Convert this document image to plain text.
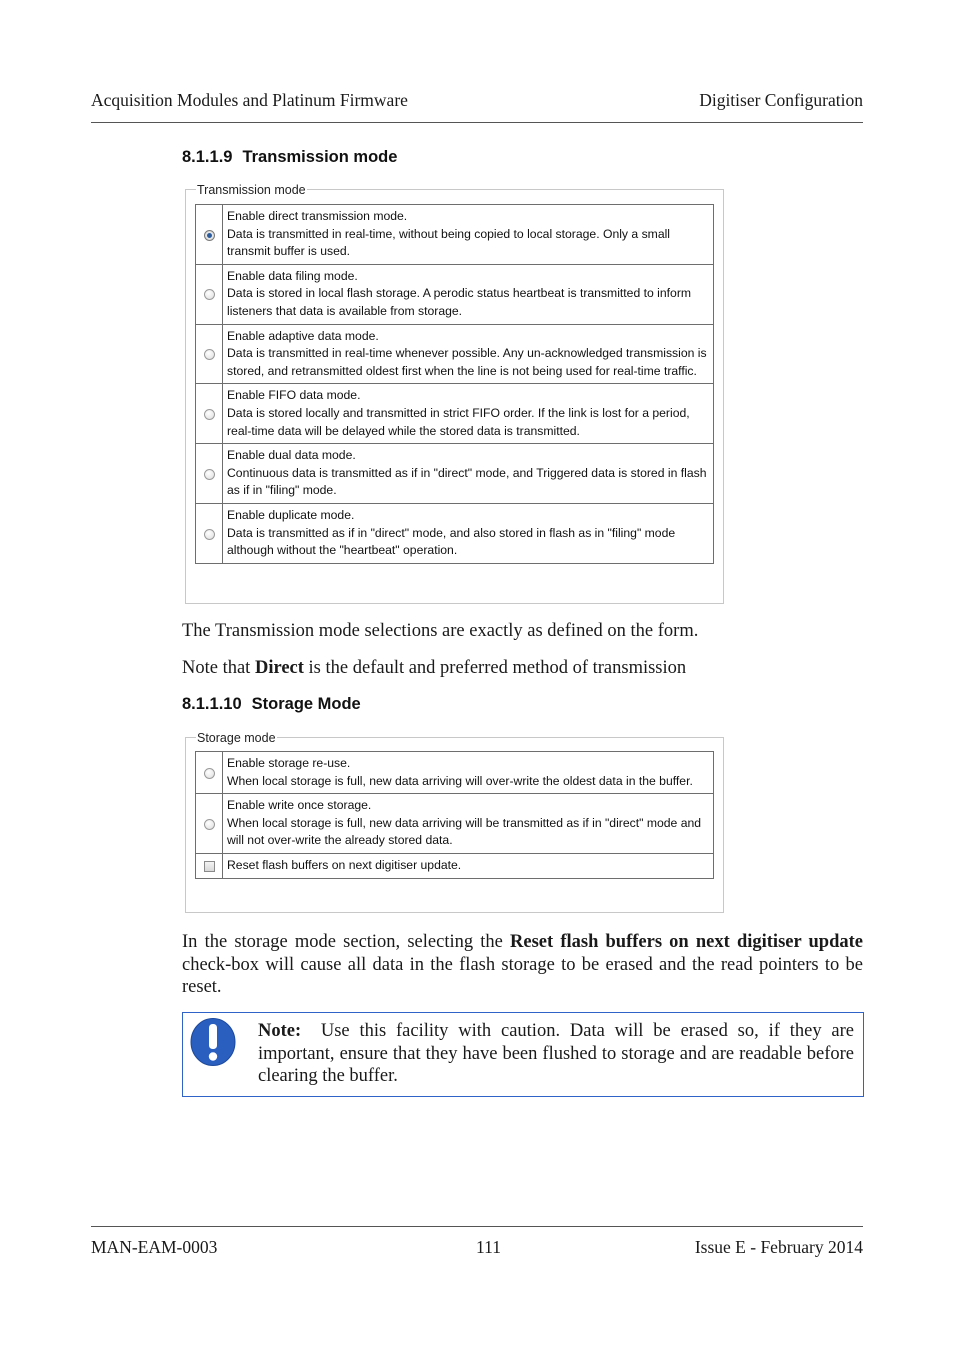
Acquisition Modules and Platinum Firmware	Digitiser Configuration
8.1.1.9 Transmission mode
Transmission mode

	Enable direct transmission mode.
Data is transmitted in real-time, without being copied to local storage. Only a small transmit buffer is used.

	Enable data filing mode.
Data is stored in local flash storage. A perodic status heartbeat is transmitted to inform listeners that data is available from storage.

	Enable adaptive data mode.
Data is transmitted in real-time whenever possible. Any un-acknowledged transmission is stored, and retransmitted oldest first when the line is not being used for real-time traffic.

	Enable FIFO data mode.
Data is stored locally and transmitted in strict FIFO order. If the link is lost for a period, real-time data will be delayed while the stored data is transmitted.

	Enable dual data mode.
Continuous data is transmitted as if in "direct" mode, and Triggered data is stored in flash as if in "filing" mode.

	Enable duplicate mode.
Data is transmitted as if in "direct" mode, and also stored in flash as in "filing" mode although without the "heartbeat" operation.
The Transmission mode selections are exactly as defined on the form.
Note that Direct is the default and preferred method of transmission
8.1.1.10 Storage Mode
Storage mode

	Enable storage re-use.
When local storage is full, new data arriving will over-write the oldest data in the buffer.

	Enable write once storage.
When local storage is full, new data arriving will be transmitted as if in "direct" mode and will not over-write the already stored data.

	Reset flash buffers on next digitiser update.
In the storage mode section, selecting the Reset flash buffers on next digitiser update check-box will cause all data in the flash storage to be erased and the read pointers to be reset.
Note: Use this facility with caution. Data will be erased so, if they are important, ensure that they have been flushed to storage and are readable before clearing the buffer.
MAN-EAM-0003	111	Issue E - February 2014
